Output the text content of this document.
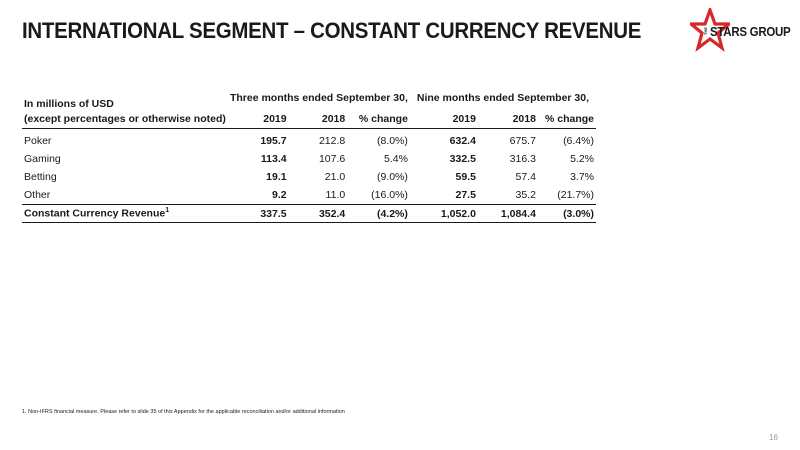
INTERNATIONAL SEGMENT – CONSTANT CURRENCY REVENUE	THE STARS GROUP
In millions of USD	Three months ended September 30,			Nine months ended September 30,		
(except percentages or otherwise noted)	2019	2018	% change	2019	2018	% change
Poker	195.7	212.8	(8.0%)	632.4	675.7	(6.4%)
Gaming	113.4	107.6	5.4%	332.5	316.3	5.2%
Betting	19.1	21.0	(9.0%)	59.5	57.4	3.7%
Other	9.2	11.0	(16.0%)	27.5	35.2	(21.7%)
Constant Currency Revenue$^1$	337.5	352.4	(4.2%)	1,052.0	1,084.4	(3.0%)
1. Non-IFRS financial measure. Please refer to slide 35 of this Appendix for the applicable reconciliation and/or additional information
16
